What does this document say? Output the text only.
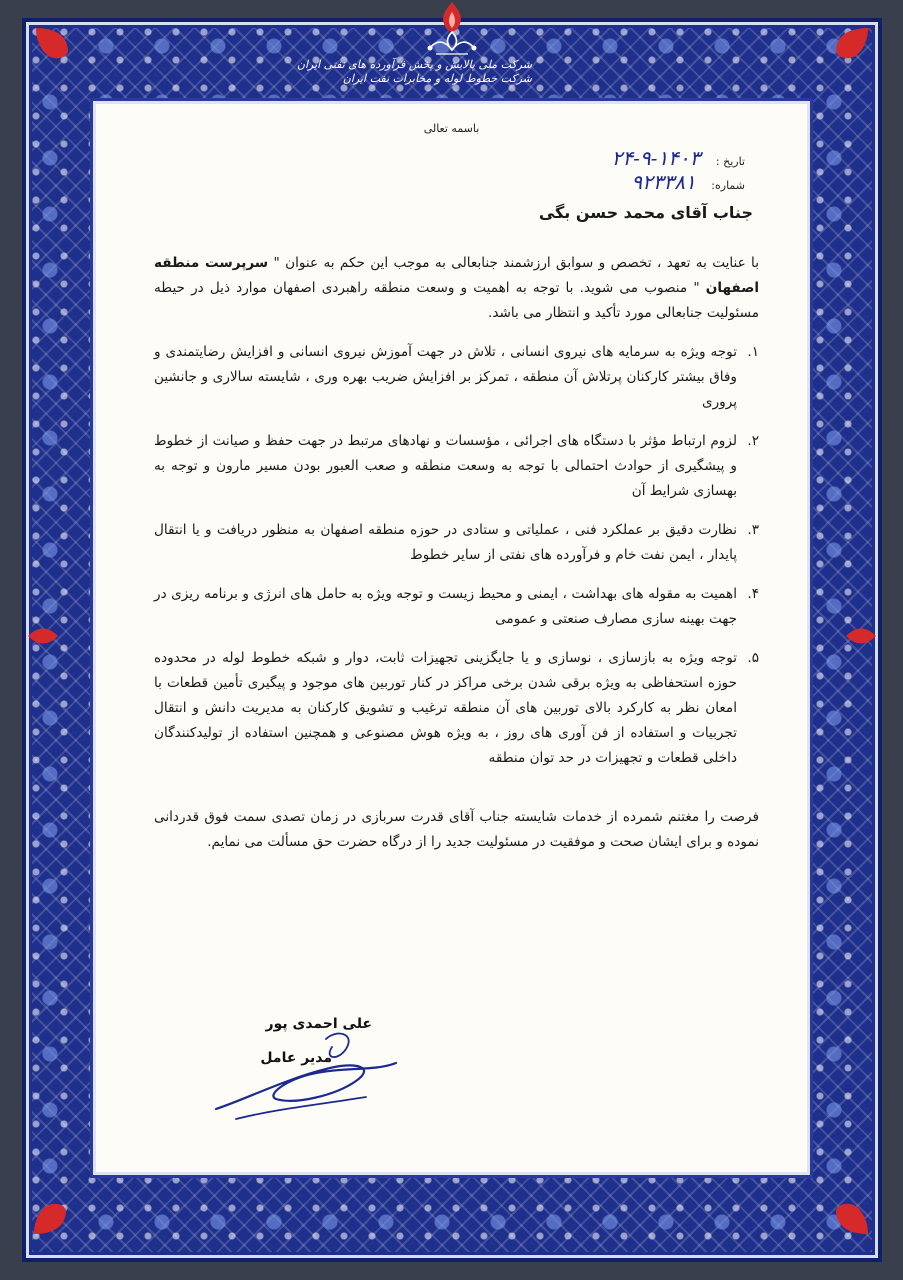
شرکت ملی پالایش و پخش فرآورده های نفتی ایران
شرکت خطوط لوله و مخابرات نفت ایران
باسمه تعالی
تاریخ : ۱۴۰۳-۹-۲۴
شماره: ۹۲۳۳۸۱
جناب آقای محمد حسن بگی

با عنایت به تعهد ، تخصص و سوابق ارزشمند جنابعالی به موجب این حکم به عنوان " سرپرست منطقه اصفهان " منصوب می شوید. با توجه به اهمیت و وسعت منطقه راهبردی اصفهان موارد ذیل در حیطه مسئولیت جنابعالی مورد تأکید و انتظار می باشد.

۱.
توجه ویژه به سرمایه های نیروی انسانی ، تلاش در جهت آموزش نیروی انسانی و افزایش رضایتمندی و وفاق بیشتر کارکنان پرتلاش آن منطقه ، تمرکز بر افزایش ضریب بهره وری ، شایسته سالاری و جانشین پروری
۲.
لزوم ارتباط مؤثر با دستگاه های اجرائی ، مؤسسات و نهادهای مرتبط در جهت حفظ و صیانت از خطوط و پیشگیری از حوادث احتمالی با توجه به وسعت منطقه و صعب العبور بودن مسیر مارون و توجه به بهسازی شرایط آن
۳.
نظارت دقیق بر عملکرد فنی ، عملیاتی و ستادی در حوزه منطقه اصفهان به منظور دریافت و یا انتقال پایدار ، ایمن نفت خام و فرآورده های نفتی از سایر خطوط
۴.
اهمیت به مقوله های بهداشت ، ایمنی و محیط زیست و توجه ویژه به حامل های انرژی و برنامه ریزی در جهت بهینه سازی مصارف صنعتی و عمومی
۵.
توجه ویژه به بازسازی ، نوسازی و یا جایگزینی تجهیزات ثابت، دوار و شبکه خطوط لوله در محدوده حوزه استحفاظی به ویژه برقی شدن برخی مراکز در کنار توربین های موجود و پیگیری تأمین قطعات با امعان نظر به کارکرد بالای توربین های آن منطقه ترغیب و تشویق کارکنان به مدیریت دانش و انتقال تجربیات و استفاده از فن آوری های روز ، به ویژه هوش مصنوعی و همچنین استفاده از تولیدکنندگان داخلی قطعات و تجهیزات در حد توان منطقه

فرصت را مغتنم شمرده از خدمات شایسته جناب آقای قدرت سربازی در زمان تصدی سمت فوق قدردانی نموده و برای ایشان صحت و موفقیت در مسئولیت جدید را از درگاه حضرت حق مسألت می نمایم.

علی احمدی پور
مدیر عامل
